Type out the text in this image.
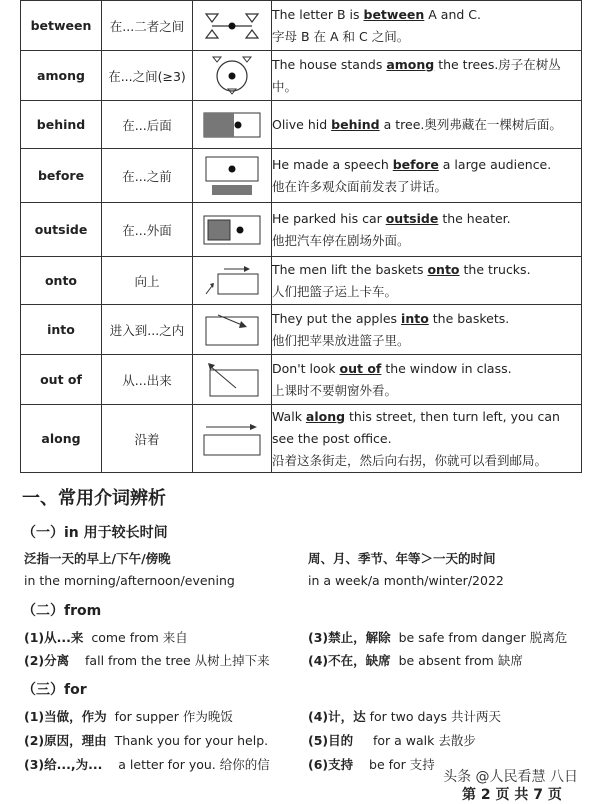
between	在...二者之间		The letter B is between A and C.
字母 B 在 A 和 C 之间。
among	在...之间(≥3)		The house stands among the trees.房子在树丛中。

behind	在...后面		Olive hid behind a tree.奥列弗藏在一棵树后面。

before	在...之前		He made a speech before a large audience.
他在许多观众面前发表了讲话。
outside	在...外面		He parked his car outside the heater.
他把汽车停在剧场外面。
onto	向上		The men lift the baskets onto the trucks.
人们把篮子运上卡车。
into	进入到...之内		They put the apples into the baskets.
他们把苹果放进篮子里。
out of	从...出来		Don't look out of the window in class.
上课时不要朝窗外看。
along	沿着		Walk along this street, then turn left, you can see the post office.
沿着这条街走，然后向右拐，你就可以看到邮局。
一、常用介词辨析
（一）in 用于较长时间
泛指一天的早上/下午/傍晚
in the morning/afternoon/evening
周、月、季节、年等＞一天的时间
in a week/a month/winter/2022
（二）from
(1)从...来 come from 来自
(2)分离 fall from the tree 从树上掉下来
(3)禁止，解除 be safe from danger 脱离危
(4)不在，缺席 be absent from 缺席
（三）for
(1)当做，作为 for supper 作为晚饭
(2)原因，理由 Thank you for your help.
(3)给...,为... a letter for you. 给你的信
(4)计，达 for two days 共计两天
(5)目的 for a walk 去散步
(6)支持 be for 支持
头条 @人民看慧 八日
第 2 页 共 7 页
